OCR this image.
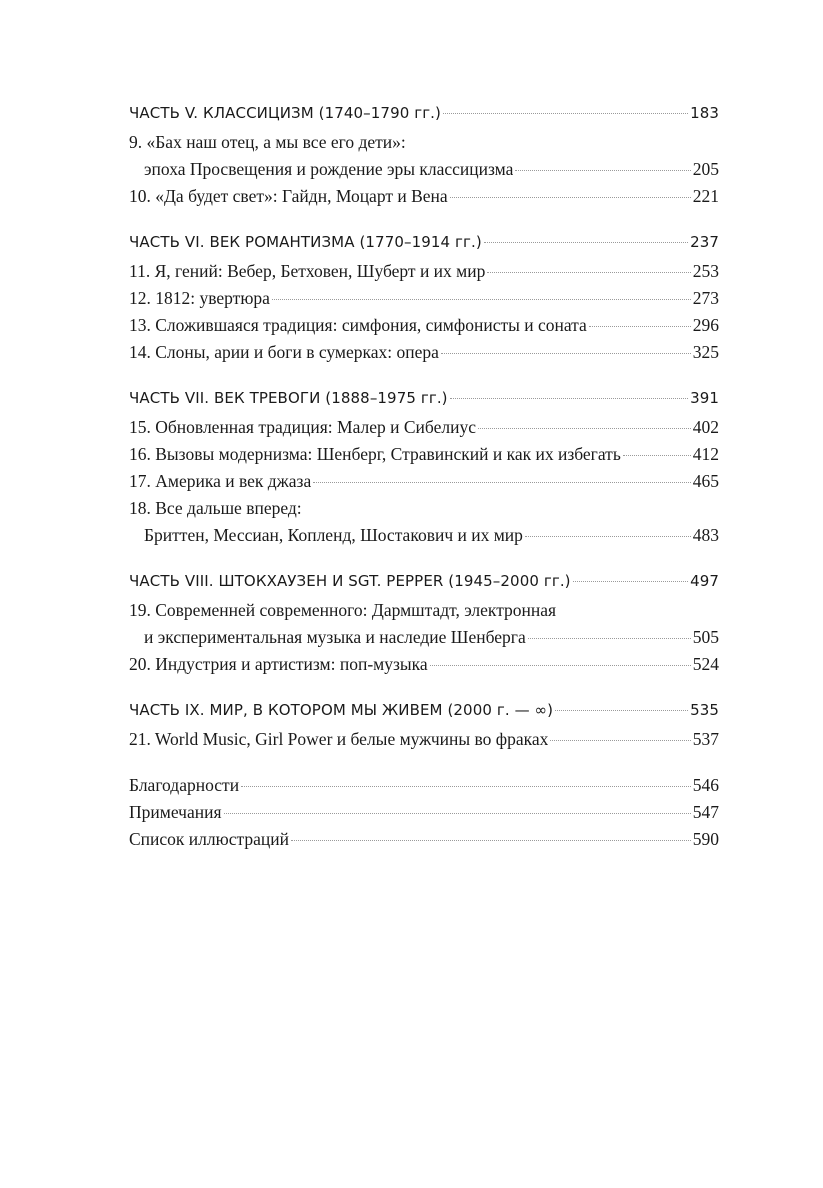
ЧАСТЬ V. КЛАССИЦИЗМ (1740–1790 гг.)	183
9. «Бах наш отец, а мы все его дети»:
эпоха Просвещения и рождение эры классицизма	205
10. «Да будет свет»: Гайдн, Моцарт и Вена	221
ЧАСТЬ VI. ВЕК РОМАНТИЗМА (1770–1914 гг.)	237
11. Я, гений: Вебер, Бетховен, Шуберт и их мир	253
12. 1812: увертюра	273
13. Сложившаяся традиция: симфония, симфонисты и соната	296
14. Слоны, арии и боги в сумерках: опера	325
ЧАСТЬ VII. ВЕК ТРЕВОГИ (1888–1975 гг.)	391
15. Обновленная традиция: Малер и Сибелиус	402
16. Вызовы модернизма: Шенберг, Стравинский и как их избегать	412
17. Америка и век джаза	465
18. Все дальше вперед:
Бриттен, Мессиан, Копленд, Шостакович и их мир	483
ЧАСТЬ VIII. ШТОКХАУЗЕН И SGT. PEPPER (1945–2000 гг.)	497
19. Современней современного: Дармштадт, электронная
и экспериментальная музыка и наследие Шенберга	505
20. Индустрия и артистизм: поп-музыка	524
ЧАСТЬ IX. МИР, В КОТОРОМ МЫ ЖИВЕМ (2000 г. — ∞)	535
21. World Music, Girl Power и белые мужчины во фраках	537
Благодарности	546
Примечания	547
Список иллюстраций	590
